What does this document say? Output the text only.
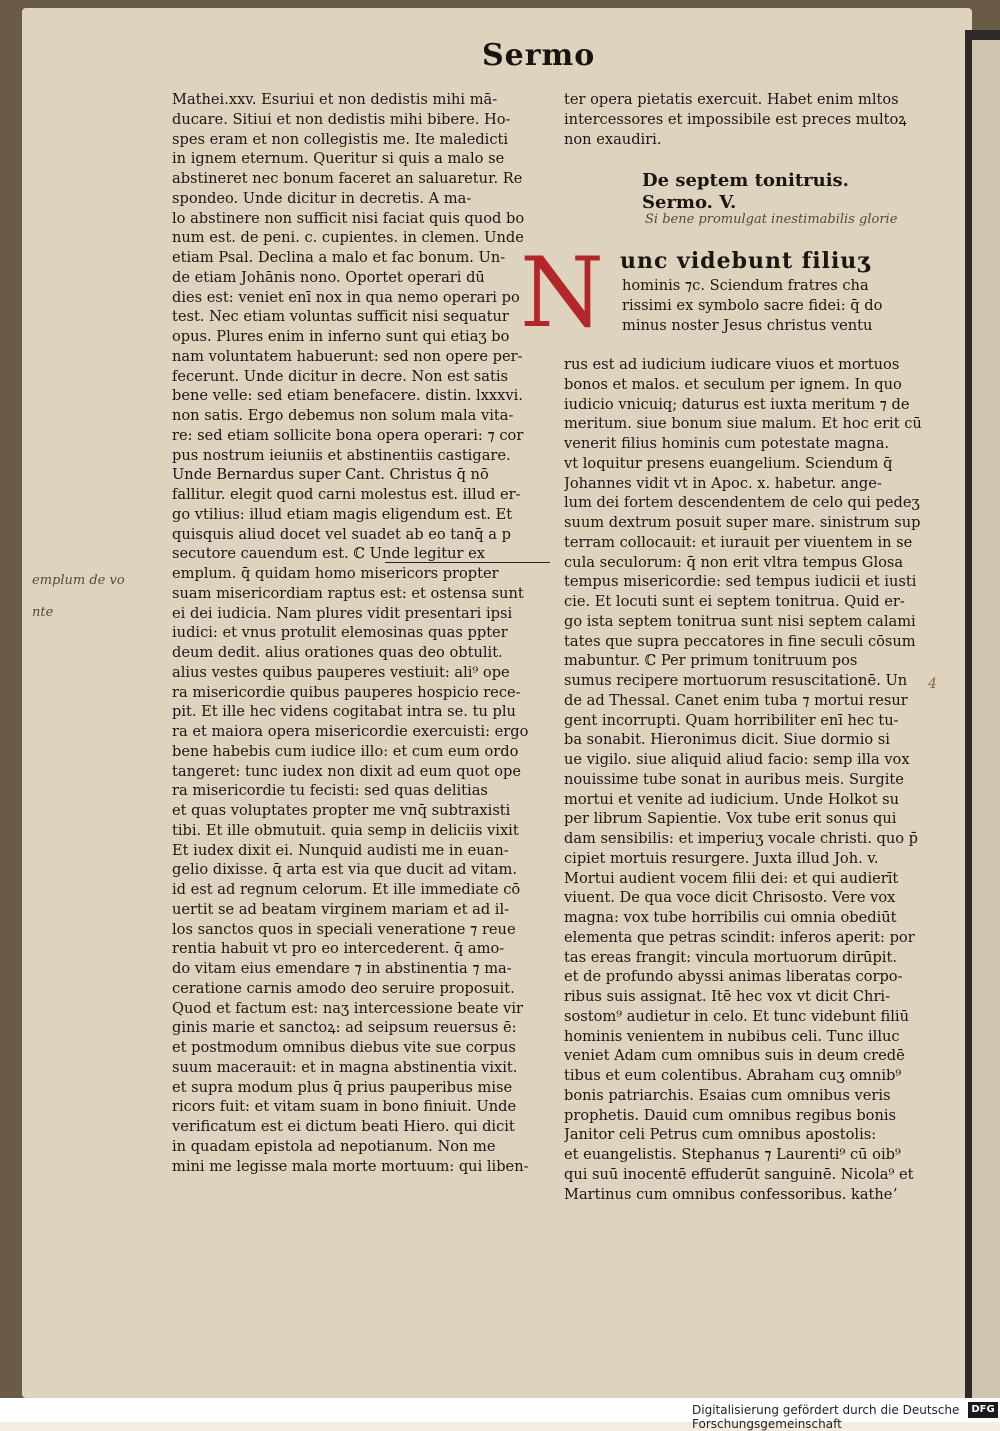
Sermo
Mathei.xxv. Esuriui et non dedistis mihi mā-
ducare. Sitiui et non dedistis mihi bibere. Ho-
spes eram et non collegistis me. Ite maledicti
in ignem eternum. Queritur si quis a malo se
abstineret nec bonum faceret an saluaretur. Re
spondeo. Unde dicitur in decretis. A ma-
lo abstinere non sufficit nisi faciat quis quod bo
num est. de peni. c. cupientes. in clemen. Unde
etiam Psal. Declina a malo et fac bonum. Un-
de etiam Johānis nono. Oportet operari dū
dies est: veniet enī nox in qua nemo operari po
test. Nec etiam voluntas sufficit nisi sequatur
opus. Plures enim in inferno sunt qui etiaʒ bo
nam voluntatem habuerunt: sed non opere per-
fecerunt. Unde dicitur in decre. Non est satis
bene velle: sed etiam benefacere. distin. lxxxvi.
non satis. Ergo debemus non solum mala vita-
re: sed etiam sollicite bona opera operari: ⁊ cor
pus nostrum ieiuniis et abstinentiis castigare.
Unde Bernardus super Cant. Christus q̄ nō
fallitur. elegit quod carni molestus est. illud er-
go vtilius: illud etiam magis eligendum est. Et
quisquis aliud docet vel suadet ab eo tanq̄ a p
secutore cauendum est. ℂ Unde legitur ex
emplum. q̄ quidam homo misericors propter
suam misericordiam raptus est: et ostensa sunt
ei dei iudicia. Nam plures vidit presentari ipsi
iudici: et vnus protulit elemosinas quas ppter
deum dedit. alius orationes quas deo obtulit.
alius vestes quibus pauperes vestiuit: ali⁹ ope
ra misericordie quibus pauperes hospicio rece-
pit. Et ille hec videns cogitabat intra se. tu plu
ra et maiora opera misericordie exercuisti: ergo
bene habebis cum iudice illo: et cum eum ordo
tangeret: tunc iudex non dixit ad eum quot ope
ra misericordie tu fecisti: sed quas delitias
et quas voluptates propter me vnq̄ subtraxisti
tibi. Et ille obmutuit. quia semp in deliciis vixit
Et iudex dixit ei. Nunquid audisti me in euan-
gelio dixisse. q̄ arta est via que ducit ad vitam.
id est ad regnum celorum. Et ille immediate cō
uertit se ad beatam virginem mariam et ad il-
los sanctos quos in speciali veneratione ⁊ reue
rentia habuit vt pro eo intercederent. q̄ amo-
do vitam eius emendare ⁊ in abstinentia ⁊ ma-
ceratione carnis amodo deo seruire proposuit.
Quod et factum est: naʒ intercessione beate vir
ginis marie et sanctoꝝ: ad seipsum reuersus ē:
et postmodum omnibus diebus vite sue corpus
suum macerauit: et in magna abstinentia vixit.
et supra modum plus q̄ prius pauperibus mise
ricors fuit: et vitam suam in bono finiuit. Unde
verificatum est ei dictum beati Hiero. qui dicit
in quadam epistola ad nepotianum. Non me
mini me legisse mala morte mortuum: qui liben-
ter opera pietatis exercuit. Habet enim mltos
intercessores et impossibile est preces multoꝝ
non exaudiri.
De septem tonitruis.
Sermo. V.
Si bene promulgat inestimabilis glorie
N unc videbunt filiuʒ
hominis ⁊c. Sciendum fratres cha
rissimi ex symbolo sacre fidei: q̄ do
minus noster Jesus christus ventu
rus est ad iudicium iudicare viuos et mortuos
bonos et malos. et seculum per ignem. In quo
iudicio vnicuiq; daturus est iuxta meritum ⁊ de
meritum. siue bonum siue malum. Et hoc erit cū
venerit filius hominis cum potestate magna.
vt loquitur presens euangelium. Sciendum q̄
Johannes vidit vt in Apoc. x. habetur. ange-
lum dei fortem descendentem de celo qui pedeʒ
suum dextrum posuit super mare. sinistrum sup
terram collocauit: et iurauit per viuentem in se
cula seculorum: q̄ non erit vltra tempus Glosa
tempus misericordie: sed tempus iudicii et iusti
cie. Et locuti sunt ei septem tonitrua. Quid er-
go ista septem tonitrua sunt nisi septem calami
tates que supra peccatores in fine seculi cōsum
mabuntur. ℂ Per primum tonitruum pos
sumus recipere mortuorum resuscitationē. Un
de ad Thessal. Canet enim tuba ⁊ mortui resur
gent incorrupti. Quam horribiliter enī hec tu-
ba sonabit. Hieronimus dicit. Siue dormio si
ue vigilo. siue aliquid aliud facio: semp illa vox
nouissime tube sonat in auribus meis. Surgite
mortui et venite ad iudicium. Unde Holkot su
per librum Sapientie. Vox tube erit sonus qui
dam sensibilis: et imperiuʒ vocale christi. quo p̄
cipiet mortuis resurgere. Juxta illud Joh. v.
Mortui audient vocem filii dei: et qui audierīt
viuent. De qua voce dicit Chrisosto. Vere vox
magna: vox tube horribilis cui omnia obediūt
elementa que petras scindit: inferos aperit: por
tas ereas frangit: vincula mortuorum dirūpit.
et de profundo abyssi animas liberatas corpo-
ribus suis assignat. Itē hec vox vt dicit Chri-
sostom⁹ audietur in celo. Et tunc videbunt filiū
hominis venientem in nubibus celi. Tunc illuc
veniet Adam cum omnibus suis in deum credē
tibus et eum colentibus. Abraham cuʒ omnib⁹
bonis patriarchis. Esaias cum omnibus veris
prophetis. Dauid cum omnibus regibus bonis
Janitor celi Petrus cum omnibus apostolis:
et euangelistis. Stephanus ⁊ Laurenti⁹ cū oib⁹
qui suū inocentē effuderūt sanguinē. Nicola⁹ et
Martinus cum omnibus confessoribus. katheʼ
emplum de vo
nte
4
Digitalisierung gefördert durch die Deutsche Forschungsgemeinschaft
DFG
